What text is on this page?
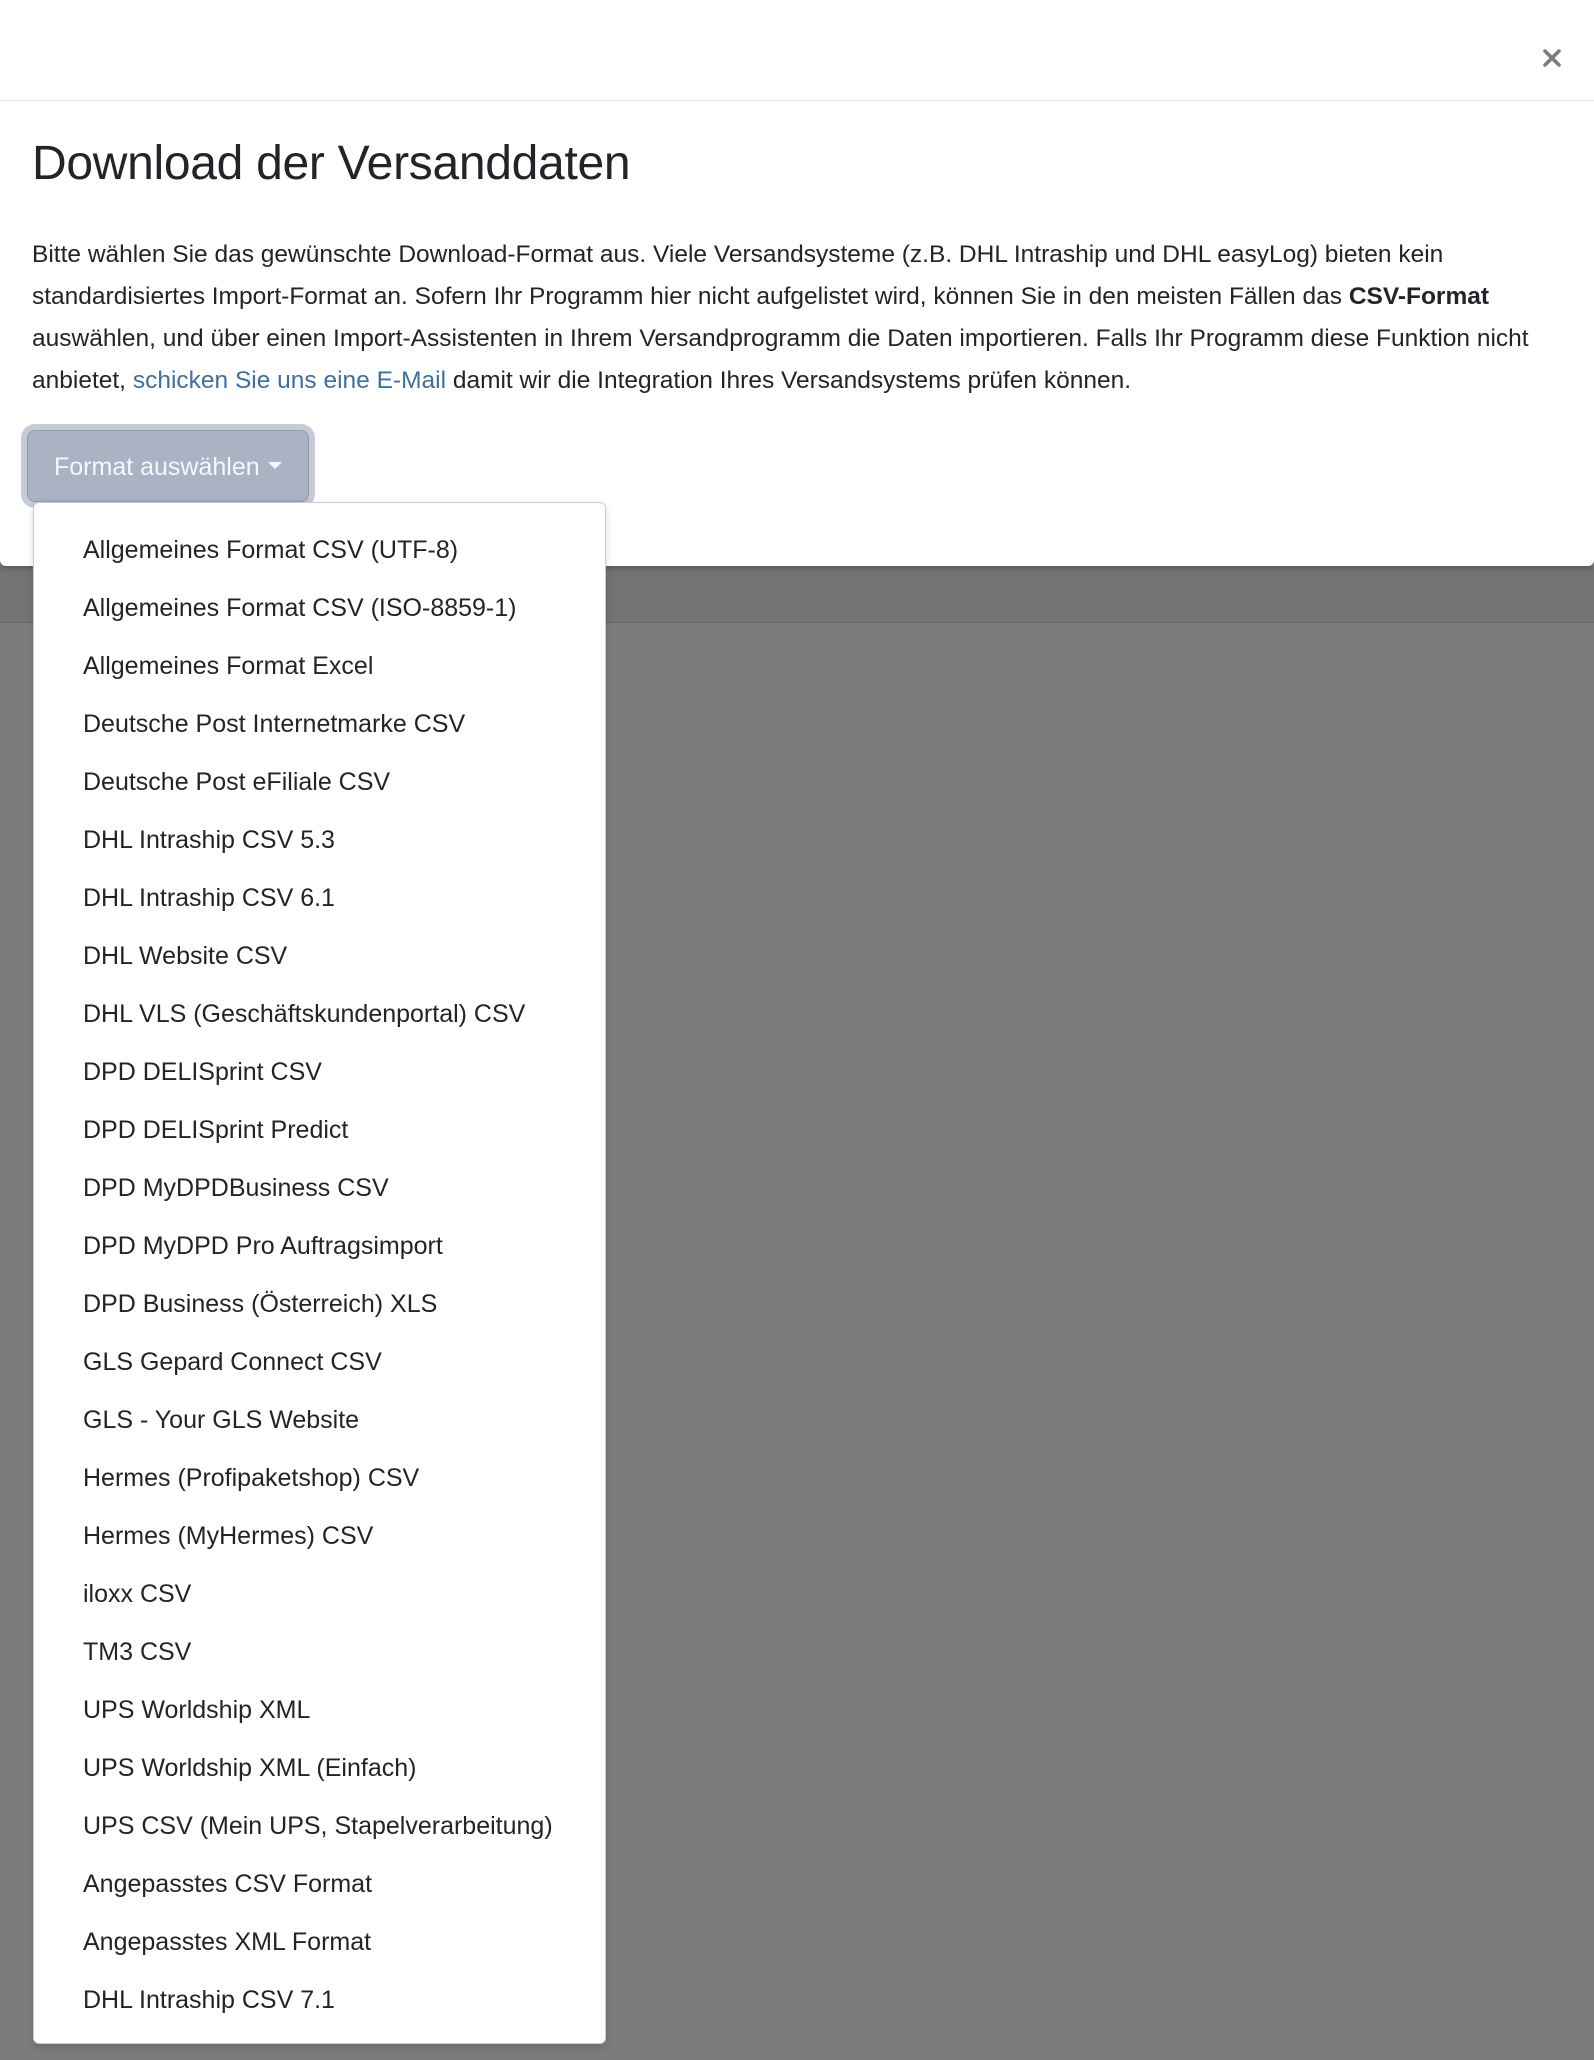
Download der Versanddaten

Bitte wählen Sie das gewünschte Download-Format aus. Viele Versandsysteme (z.B. DHL Intraship und DHL easyLog) bieten kein standardisiertes Import-Format an. Sofern Ihr Programm hier nicht aufgelistet wird, können Sie in den meisten Fällen das CSV-Format auswählen, und über einen Import-Assistenten in Ihrem Versandprogramm die Daten importieren. Falls Ihr Programm diese Funktion nicht anbietet, schicken Sie uns eine E-Mail damit wir die Integration Ihres Versandsystems prüfen können.

Format auswählen
Allgemeines Format CSV (UTF-8)
Allgemeines Format CSV (ISO-8859-1)
Allgemeines Format Excel
Deutsche Post Internetmarke CSV
Deutsche Post eFiliale CSV
DHL Intraship CSV 5.3
DHL Intraship CSV 6.1
DHL Website CSV
DHL VLS (Geschäftskundenportal) CSV
DPD DELISprint CSV
DPD DELISprint Predict
DPD MyDPDBusiness CSV
DPD MyDPD Pro Auftragsimport
DPD Business (Österreich) XLS
GLS Gepard Connect CSV
GLS - Your GLS Website
Hermes (Profipaketshop) CSV
Hermes (MyHermes) CSV
iloxx CSV
TM3 CSV
UPS Worldship XML
UPS Worldship XML (Einfach)
UPS CSV (Mein UPS, Stapelverarbeitung)
Angepasstes CSV Format
Angepasstes XML Format
DHL Intraship CSV 7.1
